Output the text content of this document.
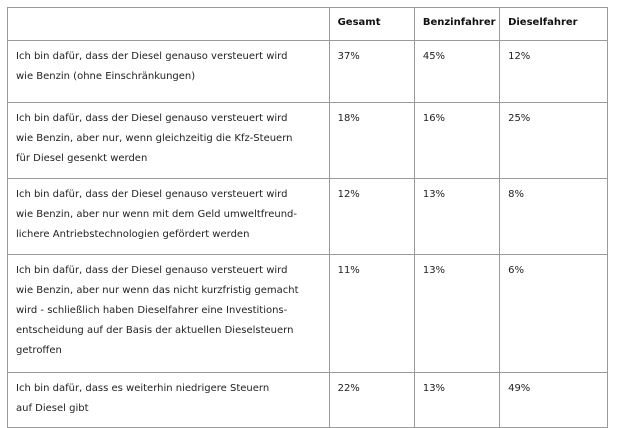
	Gesamt	Benzinfahrer	Dieselfahrer

Ich bin dafür, dass der Diesel genauso versteuert wird
wie Benzin (ohne Einschränkungen)	37%	45%	12%

Ich bin dafür, dass der Diesel genauso versteuert wird
wie Benzin, aber nur, wenn gleichzeitig die Kfz-Steuern
für Diesel gesenkt werden	18%	16%	25%

Ich bin dafür, dass der Diesel genauso versteuert wird
wie Benzin, aber nur wenn mit dem Geld umweltfreund-
lichere Antriebstechnologien gefördert werden	12%	13%	8%

Ich bin dafür, dass der Diesel genauso versteuert wird
wie Benzin, aber nur wenn das nicht kurzfristig gemacht
wird - schließlich haben Dieselfahrer eine Investitions-
entscheidung auf der Basis der aktuellen Dieselsteuern
getroffen	11%	13%	6%

Ich bin dafür, dass es weiterhin niedrigere Steuern
auf Diesel gibt	22%	13%	49%
